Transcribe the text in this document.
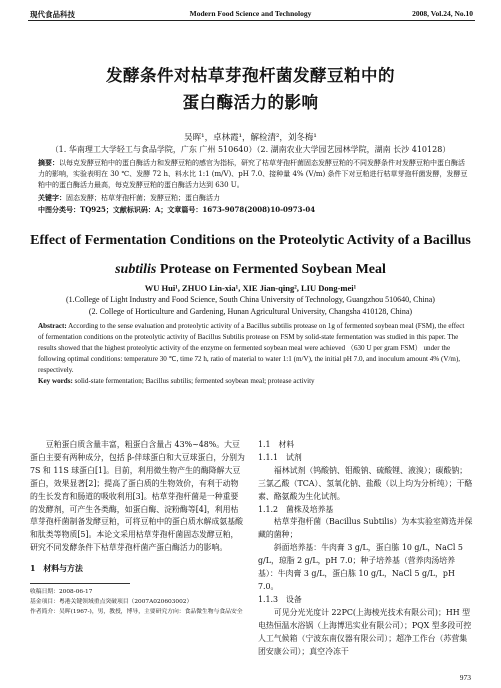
现代食品科技	Modern Food Science and Technology	2008, Vol.24, No.10
发酵条件对枯草芽孢杆菌发酵豆粕中的
蛋白酶活力的影响
吴晖¹，卓林霞¹，解检清²，刘冬梅¹
（1. 华南理工大学轻工与食品学院，广东 广州 510640）（2. 湖南农业大学园艺园林学院，湖南 长沙 410128）
摘要：以每克发酵豆粕中的蛋白酶活力和发酵豆粕的感官为指标，研究了枯草芽孢杆菌固态发酵豆粕的不同发酵条件对发酵豆粕中蛋白酶活力的影响，实验表明在 30 ℃、发酵 72 h、料水比 1:1 (m/V)、pH 7.0、接种量 4% (V/m) 条件下对豆粕进行枯草芽孢杆菌发酵，发酵豆粕中的蛋白酶活力最高，每克发酵豆粕的蛋白酶活力达到 630 U。
关键字：固态发酵；枯草芽孢杆菌；发酵豆粕；蛋白酶活力
中图分类号：TQ925；文献标识码：A；文章篇号：1673-9078(2008)10-0973-04
Effect of Fermentation Conditions on the Proteolytic Activity of a Bacillus
subtilis Protease on Fermented Soybean Meal
WU Hui¹, ZHUO Lin-xia¹, XIE Jian-qing², LIU Dong-mei¹
(1.College of Light Industry and Food Science, South China University of Technology, Guangzhou 510640, China)
(2. College of Horticulture and Gardening, Hunan Agricultural University, Changsha 410128, China)
Abstract: According to the sense evaluation and proteolytic activity of a Bacillus subtilis protease on 1g of fermented soybean meal (FSM), the effect of fermentation conditions on the proteolytic activity of Bacillus Subtilis protease on FSM by solid-state fermentation was studied in this paper. The results showed that the highest proteolytic activity of the enzyme on fermented soybean meal were achieved （630 U per gram FSM） under the following optimal conditions: temperature 30 ℃, time 72 h, ratio of material to water 1:1 (m/V), the initial pH 7.0, and inoculum amount 4% (V/m), respectively.
Key words: solid-state fermentation; Bacillus subtilis; fermented soybean meal; protease activity

豆粕蛋白质含量丰富，粗蛋白含量占 43%~48%。大豆蛋白主要有两种成分，包括 β-伴球蛋白和大豆球蛋白，分别为 7S 和 11S 球蛋白[1]。目前，利用微生物产生的酶降解大豆蛋白，效果显著[2]；提高了蛋白质的生物效价，有利于动物的生长发育和肠道的吸收利用[3]。枯草芽孢杆菌是一种重要的发酵剂，可产生各类酶，如蛋白酶、淀粉酶等[4]，利用枯草芽孢杆菌制备发酵豆粕，可将豆粕中的蛋白质水解成氨基酸和肽类等物质[5]。本论文采用枯草芽孢杆菌固态发酵豆粕，研究不同发酵条件下枯草芽孢杆菌产蛋白酶活力的影响。

1　材料与方法

收稿日期：2008-06-17

基金项目：粤港关键领域重点突破项目（2007A020603002）

作者简介：吴晖(1967-)，男，教授，博导，主要研究方向：食品微生物与食品安全

1.1　材料

1.1.1　试剂

福林试剂（钨酸钠、钼酸钠、硫酸锂、液溴）；碳酸钠；三氯乙酸（TCA）、氢氧化钠、盐酸（以上均为分析纯）；干酪素、酪氨酸为生化试剂。

1.1.2　菌株及培养基

枯草芽孢杆菌（Bacillus Subtilis）为本实验室筛选并保藏的菌种；

斜面培养基：牛肉膏 3 g/L，蛋白胨 10 g/L，NaCl 5 g/L，琼脂 2 g/L，pH 7.0；种子培养基（营养肉汤培养基）：牛肉膏 3 g/L，蛋白胨 10 g/L，NaCl 5 g/L，pH 7.0。

1.1.3　设备

可见分光光度计 22PC(上海棱光技术有限公司)；HH 型电热恒温水浴锅（上海博迅实业有限公司）；PQX 型多段可控人工气候箱（宁波东南仪器有限公司）；超净工作台（苏营集团安康公司）；真空冷冻干

973
